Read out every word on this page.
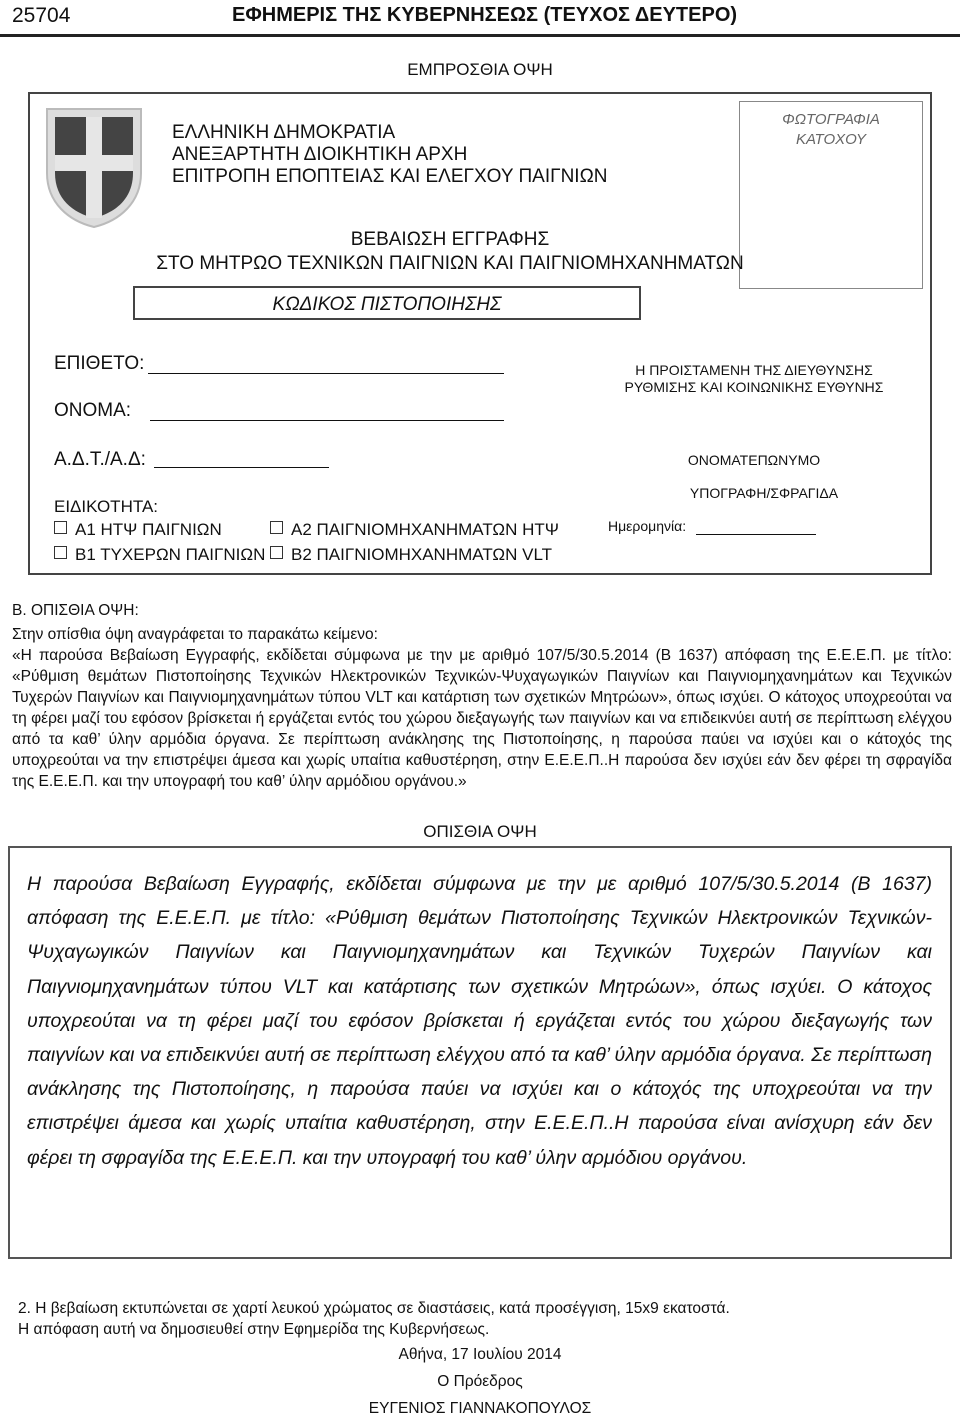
25704	ΕΦΗΜΕΡΙΣ ΤΗΣ ΚΥΒΕΡΝΗΣΕΩΣ (ΤΕΥΧΟΣ ΔΕΥΤΕΡΟ)
ΕΜΠΡΟΣΘΙΑ ΟΨΗ
ΕΛΛΗΝΙΚΗ ΔΗΜΟΚΡΑΤΙΑ
ΑΝΕΞΑΡΤΗΤΗ ΔΙΟΙΚΗΤΙΚΗ ΑΡΧΗ
ΕΠΙΤΡΟΠΗ ΕΠΟΠΤΕΙΑΣ ΚΑΙ ΕΛΕΓΧΟΥ ΠΑΙΓΝΙΩΝ
ΦΩΤΟΓΡΑΦΙΑ
ΚΑΤΟΧΟΥ
ΒΕΒΑΙΩΣΗ ΕΓΓΡΑΦΗΣ
ΣΤΟ ΜΗΤΡΩΟ ΤΕΧΝΙΚΩΝ ΠΑΙΓΝΙΩΝ ΚΑΙ ΠΑΙΓΝΙΟΜΗΧΑΝΗΜΑΤΩΝ
ΚΩΔΙΚΟΣ ΠΙΣΤΟΠΟΙΗΣΗΣ
ΕΠΙΘΕΤΟ:
ΟΝΟΜΑ:
Α.Δ.Τ./Α.Δ:
ΕΙΔΙΚΟΤΗΤΑ:
Α1 ΗΤΨ ΠΑΙΓΝΙΩΝ	Α2 ΠΑΙΓΝΙΟΜΗΧΑΝΗΜΑΤΩΝ ΗΤΨ
Β1 ΤΥΧΕΡΩΝ ΠΑΙΓΝΙΩΝ	Β2 ΠΑΙΓΝΙΟΜΗΧΑΝΗΜΑΤΩΝ VLT
Η ΠΡΟΙΣΤΑΜΕΝΗ ΤΗΣ ΔΙΕΥΘΥΝΣΗΣ
ΡΥΘΜΙΣΗΣ ΚΑΙ ΚΟΙΝΩΝΙΚΗΣ ΕΥΘΥΝΗΣ
ΟΝΟΜΑΤΕΠΩΝΥΜΟ
ΥΠΟΓΡΑΦΗ/ΣΦΡΑΓΙΔΑ
Ημερομηνία:
Β. ΟΠΙΣΘΙΑ ΟΨΗ:
Στην οπίσθια όψη αναγράφεται το παρακάτω κείμενο:
«Η παρούσα Βεβαίωση Εγγραφής, εκδίδεται σύμφωνα με την με αριθμό 107/5/30.5.2014 (Β 1637) απόφαση της Ε.Ε.Ε.Π. με τίτλο: «Ρύθμιση θεμάτων Πιστοποίησης Τεχνικών Ηλεκτρονικών Τεχνικών-Ψυχαγωγικών Παιγνίων και Παιγνιομηχανημάτων και Τεχνικών Τυχερών Παιγνίων και Παιγνιομηχανημάτων τύπου VLT και κατάρτιση των σχετικών Μητρώων», όπως ισχύει. Ο κάτοχος υποχρεούται να τη φέρει μαζί του εφόσον βρίσκεται ή εργάζεται εντός του χώρου διεξαγωγής των παιγνίων και να επιδεικνύει αυτή σε περίπτωση ελέγχου από τα καθ’ ύλην αρμόδια όργανα. Σε περίπτωση ανάκλησης της Πιστοποίησης, η παρούσα παύει να ισχύει και ο κάτοχός της υποχρεούται να την επιστρέψει άμεσα και χωρίς υπαίτια καθυστέρηση, στην Ε.Ε.Ε.Π..Η παρούσα δεν ισχύει εάν δεν φέρει τη σφραγίδα της Ε.Ε.Ε.Π. και την υπογραφή του καθ’ ύλην αρμόδιου οργάνου.»
ΟΠΙΣΘΙΑ ΟΨΗ
Η παρούσα Βεβαίωση Εγγραφής, εκδίδεται σύμφωνα με την με αριθμό 107/5/30.5.2014 (Β 1637) απόφαση της Ε.Ε.Ε.Π. με τίτλο: «Ρύθμιση θεμάτων Πιστοποίησης Τεχνικών Ηλεκτρονικών Τεχνικών-Ψυχαγωγικών Παιγνίων και Παιγνιομηχανημάτων και Τεχνικών Τυχερών Παιγνίων και Παιγνιομηχανημάτων τύπου VLT και κατάρτισης των σχετικών Μητρώων», όπως ισχύει. Ο κάτοχος υποχρεούται να τη φέρει μαζί του εφόσον βρίσκεται ή εργάζεται εντός του χώρου διεξαγωγής των παιγνίων και να επιδεικνύει αυτή σε περίπτωση ελέγχου από τα καθ’ ύλην αρμόδια όργανα. Σε περίπτωση ανάκλησης της Πιστοποίησης, η παρούσα παύει να ισχύει και ο κάτοχός της υποχρεούται να την επιστρέψει άμεσα και χωρίς υπαίτια καθυστέρηση, στην Ε.Ε.Ε.Π..Η παρούσα είναι ανίσχυρη εάν δεν φέρει τη σφραγίδα της Ε.Ε.Ε.Π. και την υπογραφή του καθ’ ύλην αρμόδιου οργάνου.
2. Η βεβαίωση εκτυπώνεται σε χαρτί λευκού χρώματος σε διαστάσεις, κατά προσέγγιση, 15x9 εκατοστά.
Η απόφαση αυτή να δημοσιευθεί στην Εφημερίδα της Κυβερνήσεως.
Αθήνα, 17 Ιουλίου 2014
Ο Πρόεδρος
ΕΥΓΕΝΙΟΣ ΓΙΑΝΝΑΚΟΠΟΥΛΟΣ
